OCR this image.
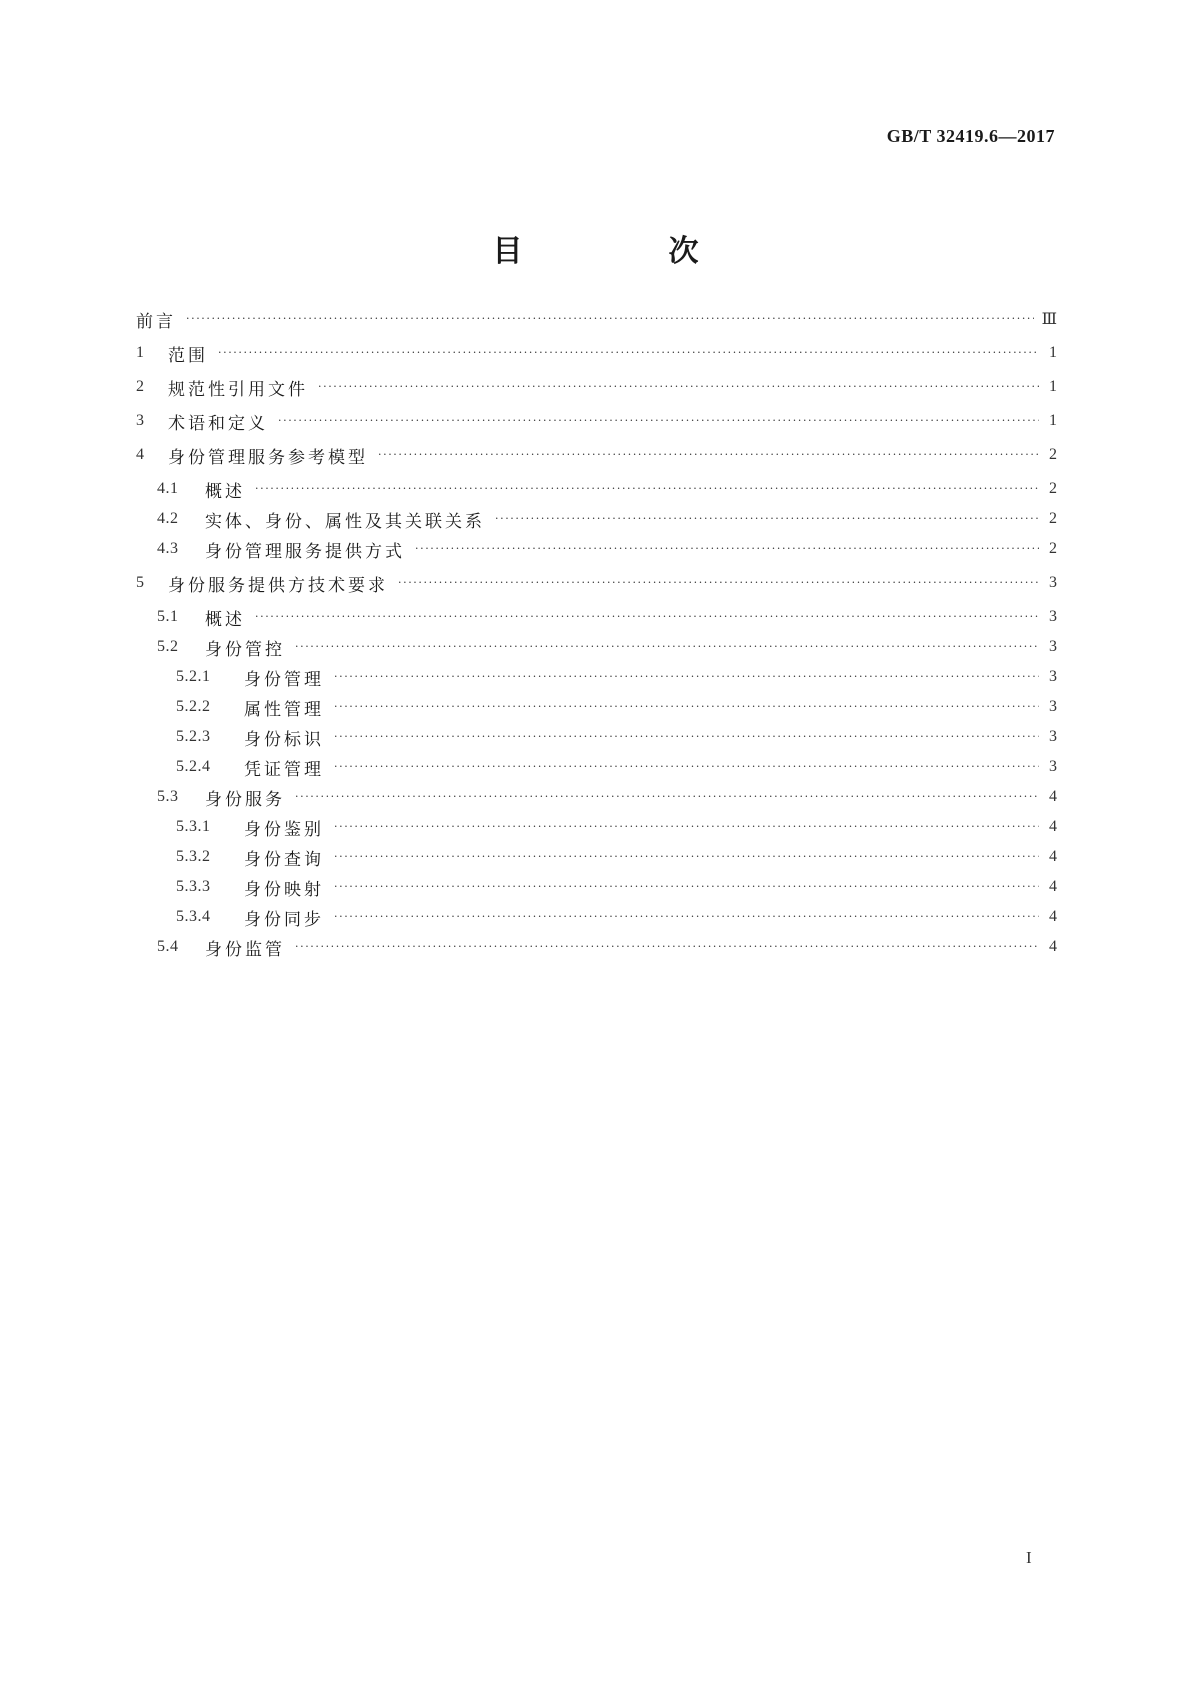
GB/T 32419.6—2017
目　次
前言 ·····	Ⅲ
1	范围 ·····	1
2	规范性引用文件 ·····	1
3	术语和定义 ·····	1
4	身份管理服务参考模型 ·····	2
4.1	概述 ·····	2
4.2	实体、身份、属性及其关联关系 ·····	2
4.3	身份管理服务提供方式 ·····	2
5	身份服务提供方技术要求 ·····	3
5.1	概述 ·····	3
5.2	身份管控 ·····	3
5.2.1	身份管理 ·····	3
5.2.2	属性管理 ·····	3
5.2.3	身份标识 ·····	3
5.2.4	凭证管理 ·····	3
5.3	身份服务 ·····	4
5.3.1	身份鉴别 ·····	4
5.3.2	身份查询 ·····	4
5.3.3	身份映射 ·····	4
5.3.4	身份同步 ·····	4
5.4	身份监管 ·····	4
I
